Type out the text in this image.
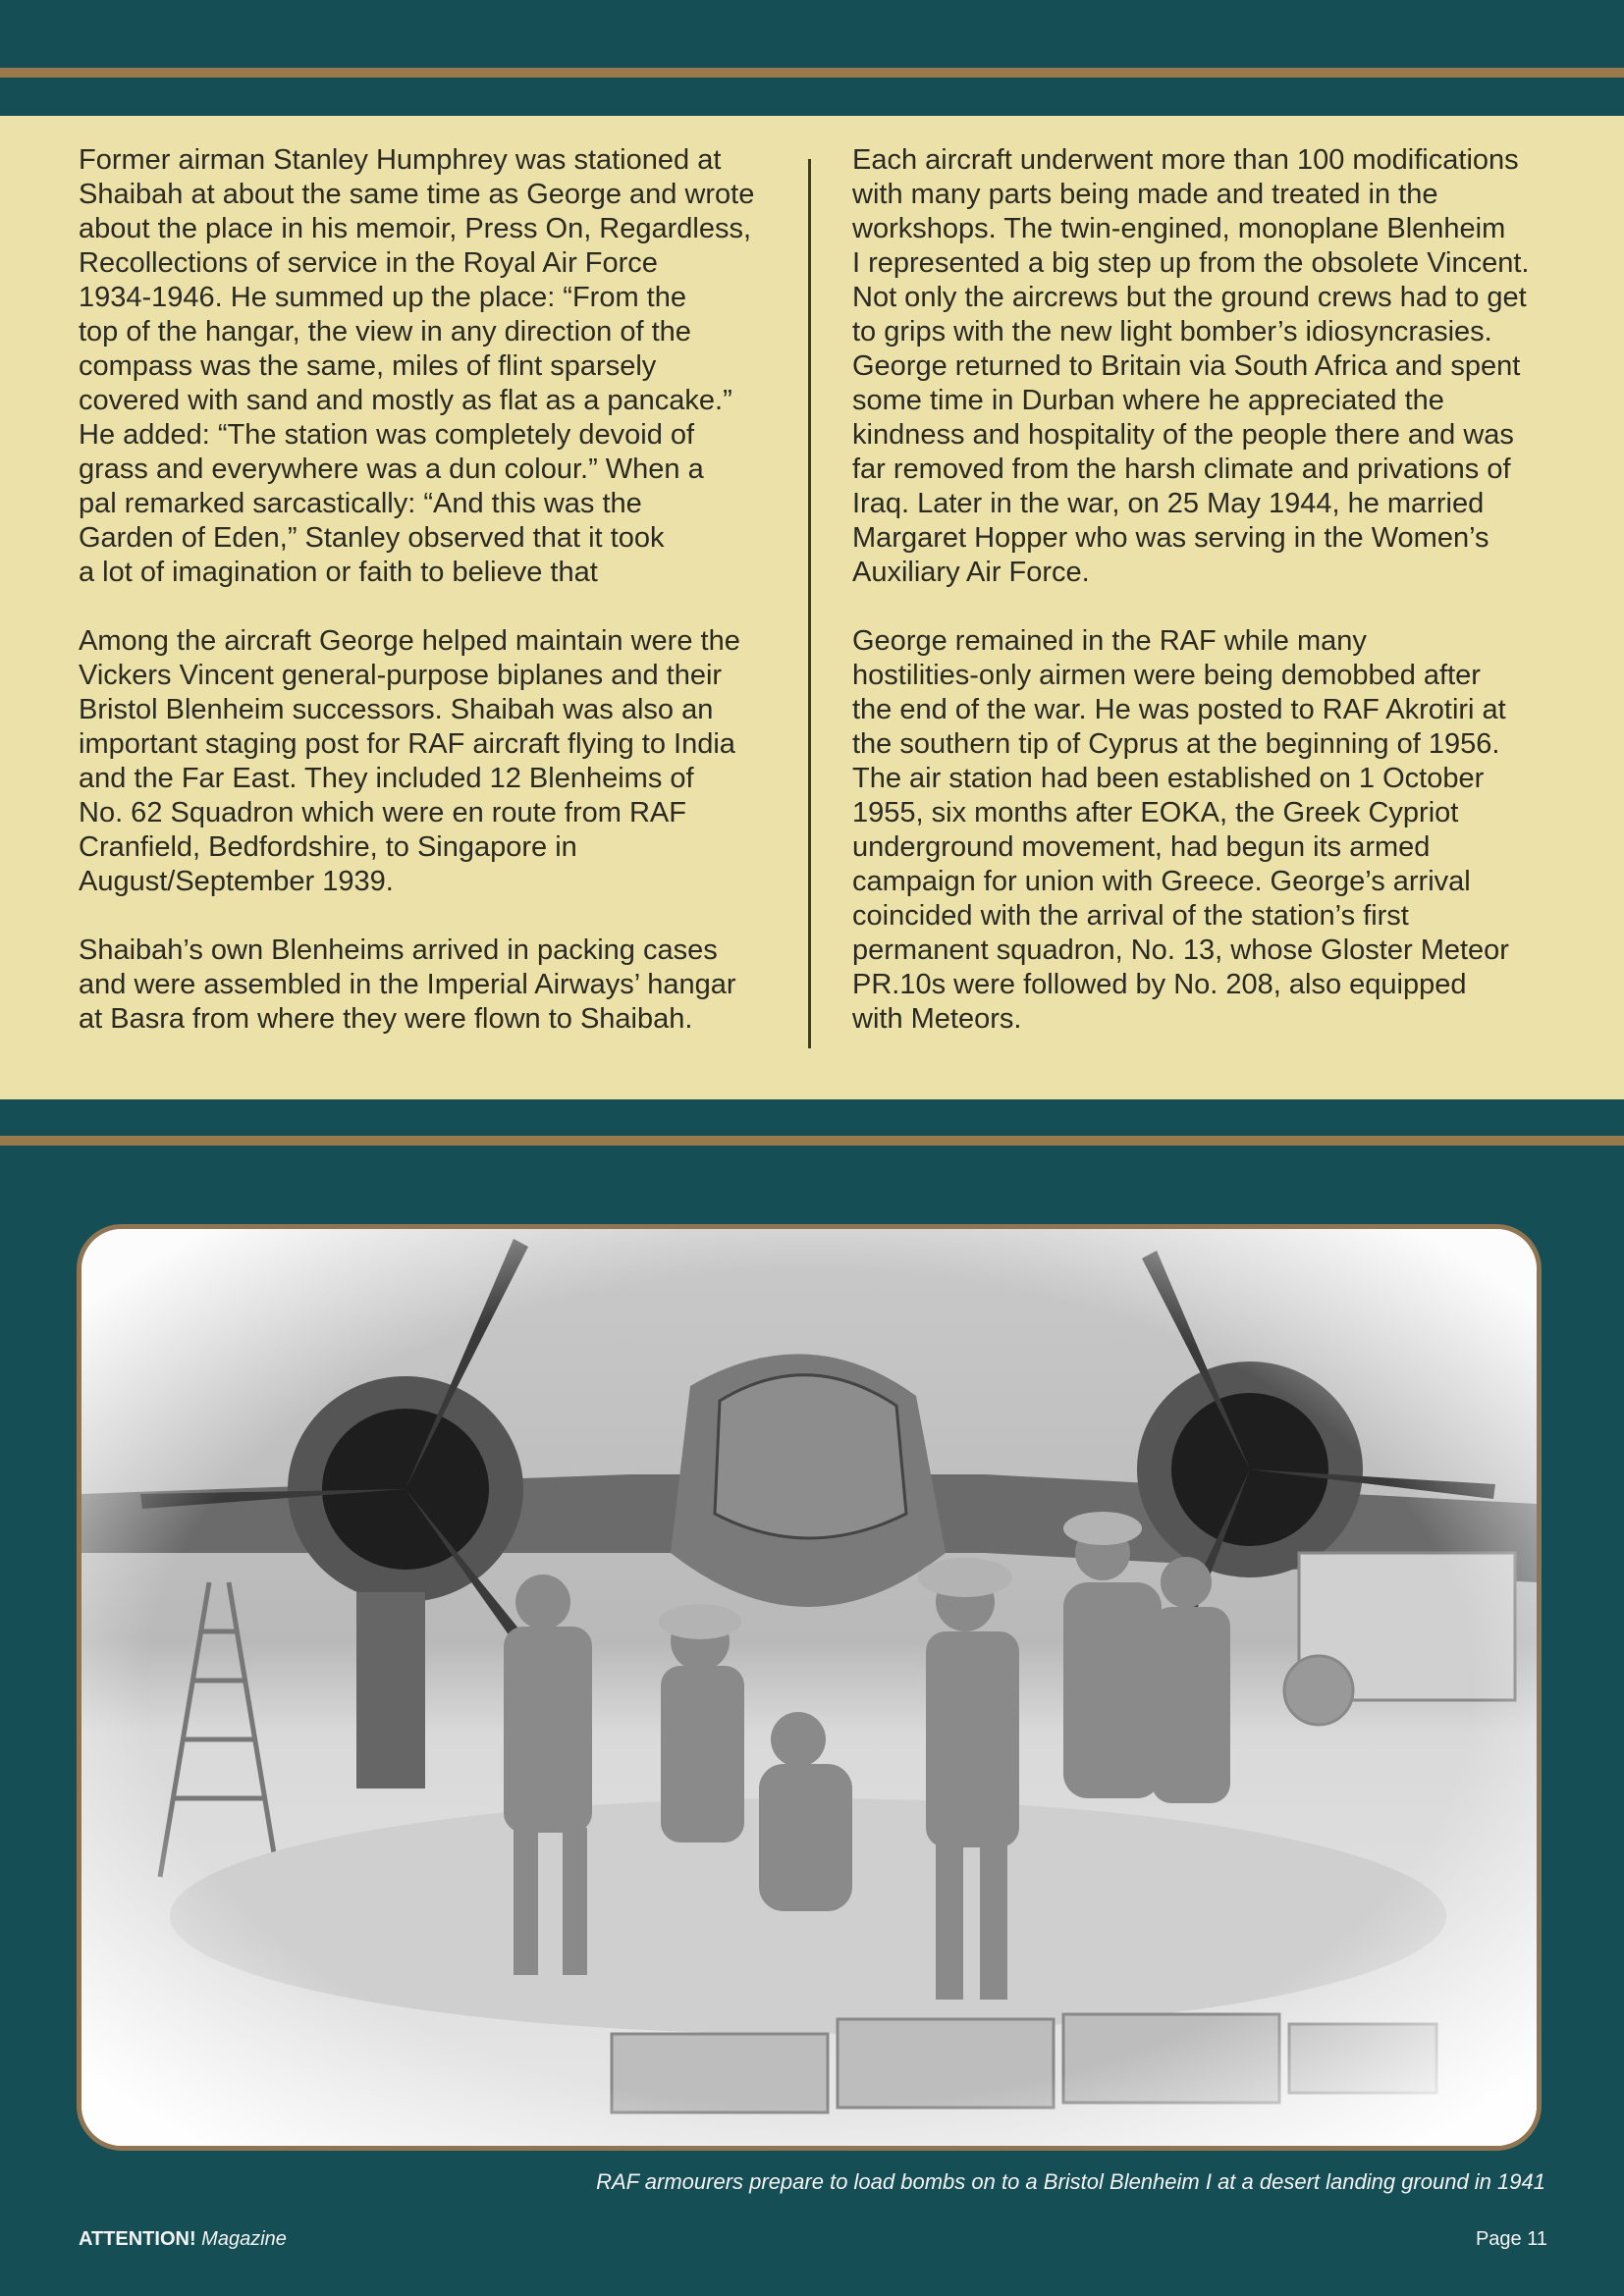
Former airman Stanley Humphrey was stationed at
Shaibah at about the same time as George and wrote
about the place in his memoir, Press On, Regardless,
Recollections of service in the Royal Air Force
1934-1946. He summed up the place: “From the
top of the hangar, the view in any direction of the
compass was the same, miles of flint sparsely
covered with sand and mostly as flat as a pancake.”
He added: “The station was completely devoid of
grass and everywhere was a dun colour.” When a
pal remarked sarcastically: “And this was the
Garden of Eden,” Stanley observed that it took
a lot of imagination or faith to believe that

Among the aircraft George helped maintain were the
Vickers Vincent general-purpose biplanes and their
Bristol Blenheim successors. Shaibah was also an
important staging post for RAF aircraft flying to India
and the Far East. They included 12 Blenheims of
No. 62 Squadron which were en route from RAF
Cranfield, Bedfordshire, to Singapore in
August/September 1939.

Shaibah’s own Blenheims arrived in packing cases
and were assembled in the Imperial Airways’ hangar
at Basra from where they were flown to Shaibah.

Each aircraft underwent more than 100 modifications
with many parts being made and treated in the
workshops. The twin-engined, monoplane Blenheim
I represented a big step up from the obsolete Vincent.
Not only the aircrews but the ground crews had to get
to grips with the new light bomber’s idiosyncrasies.
George returned to Britain via South Africa and spent
some time in Durban where he appreciated the
kindness and hospitality of the people there and was
far removed from the harsh climate and privations of
Iraq. Later in the war, on 25 May 1944, he married
Margaret Hopper who was serving in the Women’s
Auxiliary Air Force.

George remained in the RAF while many
hostilities-only airmen were being demobbed after
the end of the war. He was posted to RAF Akrotiri at
the southern tip of Cyprus at the beginning of 1956.
The air station had been established on 1 October
1955, six months after EOKA, the Greek Cypriot
underground movement, had begun its armed
campaign for union with Greece. George’s arrival
coincided with the arrival of the station’s first
permanent squadron, No. 13, whose Gloster Meteor
PR.10s were followed by No. 208, also equipped
with Meteors.

RAF armourers prepare to load bombs on to a Bristol Blenheim I at a desert landing ground in 1941
ATTENTION! Magazine	Page 11
